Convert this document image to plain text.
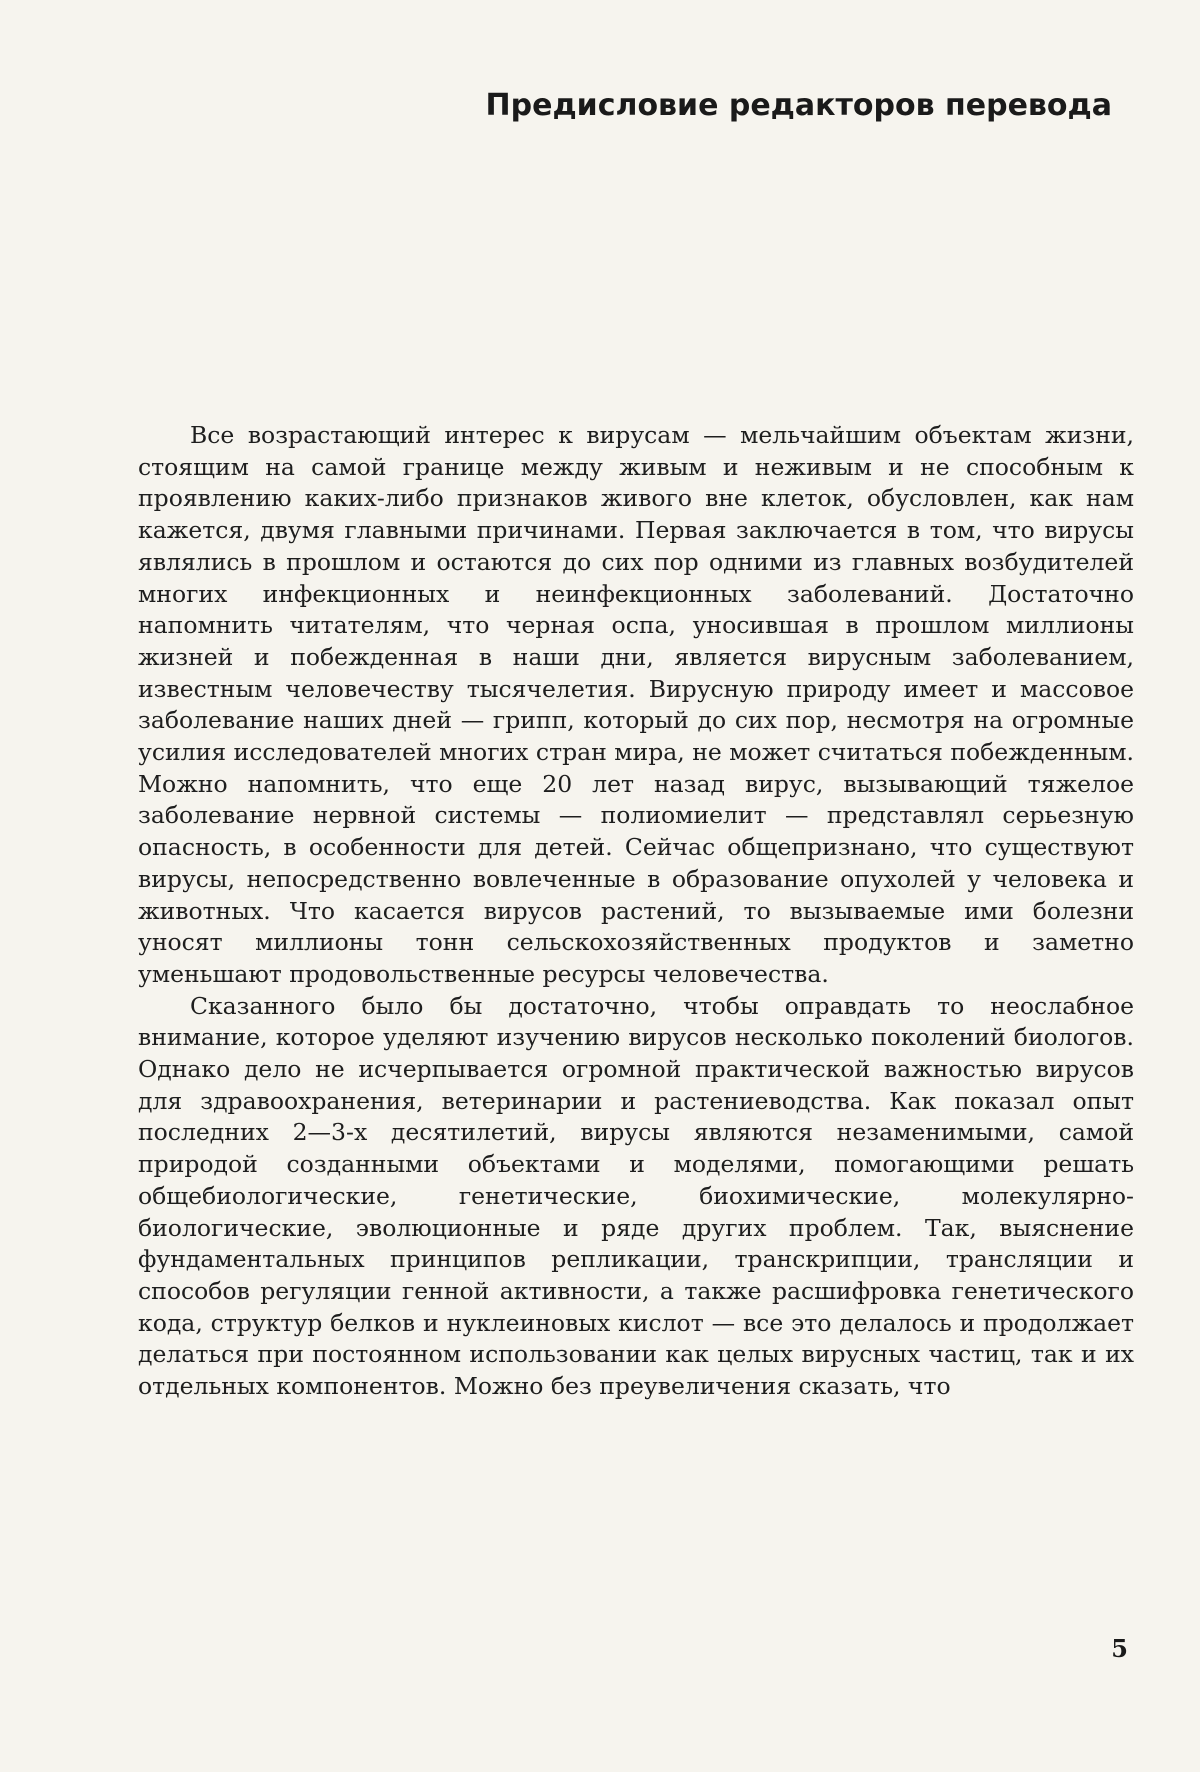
Предисловие редакторов перевода

Все возрастающий интерес к вирусам — мельчайшим объектам жизни, стоящим на самой границе между живым и неживым и не способным к проявлению каких-либо признаков живого вне клеток, обусловлен, как нам кажется, двумя главными причинами. Первая заключается в том, что вирусы являлись в прошлом и остаются до сих пор одними из главных возбудителей многих инфекционных и неинфекционных заболеваний. Достаточно напомнить читателям, что черная оспа, уносившая в прошлом миллионы жизней и побежденная в наши дни, является вирусным заболеванием, известным человечеству тысячелетия. Вирусную природу имеет и массовое заболевание наших дней — грипп, который до сих пор, несмотря на огромные усилия исследователей многих стран мира, не может считаться побежденным. Можно напомнить, что еще 20 лет назад вирус, вызывающий тяжелое заболевание нервной системы — полиомиелит — представлял серьезную опасность, в особенности для детей. Сейчас общепризнано, что существуют вирусы, непосредственно вовлеченные в образование опухолей у человека и животных. Что касается вирусов растений, то вызываемые ими болезни уносят миллионы тонн сельскохозяйственных продуктов и заметно уменьшают продовольственные ресурсы человечества.

Сказанного было бы достаточно, чтобы оправдать то неослабное внимание, которое уделяют изучению вирусов несколько поколений биологов. Однако дело не исчерпывается огромной практической важностью вирусов для здравоохранения, ветеринарии и растениеводства. Как показал опыт последних 2—3-х десятилетий, вирусы являются незаменимыми, самой природой созданными объектами и моделями, помогающими решать общебиологические, генетические, биохимические, молекулярно-биологические, эволюционные и ряде других проблем. Так, выяснение фундаментальных принципов репликации, транскрипции, трансляции и способов регуляции генной активности, а также расшифровка генетического кода, структур белков и нуклеиновых кислот — все это делалось и продолжает делаться при постоянном использовании как целых вирусных частиц, так и их отдельных компонентов. Можно без преувеличения сказать, что

5
